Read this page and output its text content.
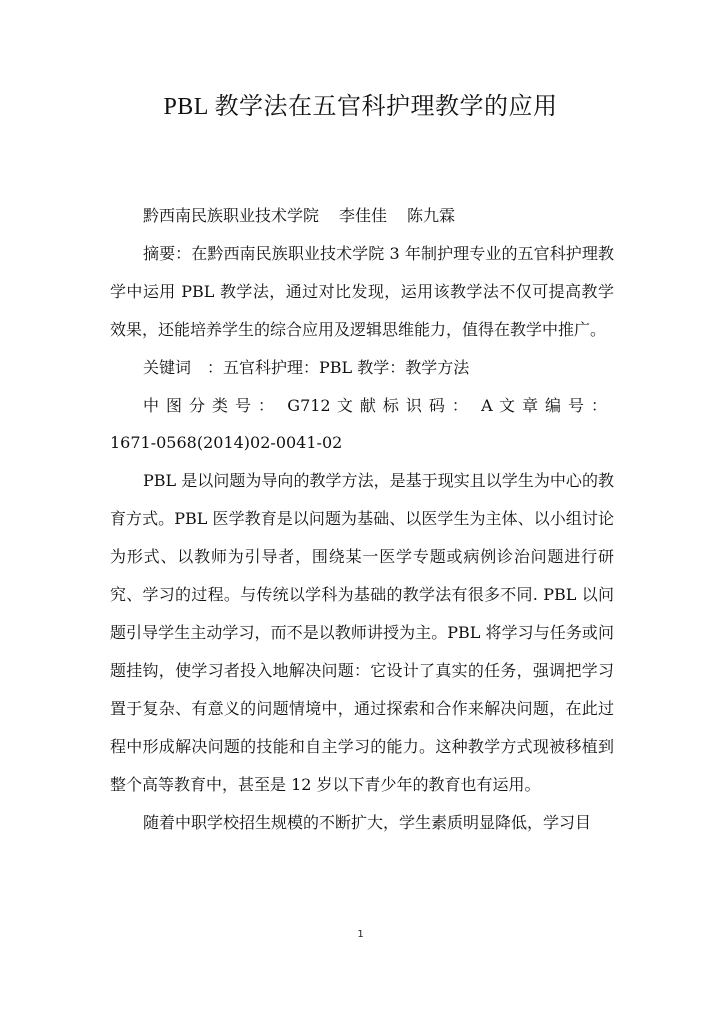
PBL 教学法在五官科护理教学的应用

黔西南民族职业技术学院 李佳佳 陈九霖

摘要：在黔西南民族职业技术学院 3 年制护理专业的五官科护理教学中运用 PBL 教学法，通过对比发现，运用该教学法不仅可提高教学效果，还能培养学生的综合应用及逻辑思维能力，值得在教学中推广。

关键词　：五官科护理：PBL 教学：教学方法

中图分类号： G712 文献标识码： A 文章编号：

1671-0568(2014)02-0041-02

PBL 是以问题为导向的教学方法，是基于现实且以学生为中心的教育方式。PBL 医学教育是以问题为基础、以医学生为主体、以小组讨论为形式、以教师为引导者，围绕某一医学专题或病例诊治问题进行研究、学习的过程。与传统以学科为基础的教学法有很多不同. PBL 以问题引导学生主动学习，而不是以教师讲授为主。PBL 将学习与任务或问题挂钩，使学习者投入地解决问题：它设计了真实的任务，强调把学习置于复杂、有意义的问题情境中，通过探索和合作来解决问题，在此过程中形成解决问题的技能和自主学习的能力。这种教学方式现被移植到整个高等教育中，甚至是 12 岁以下青少年的教育也有运用。

随着中职学校招生规模的不断扩大，学生素质明显降低，学习目

1
